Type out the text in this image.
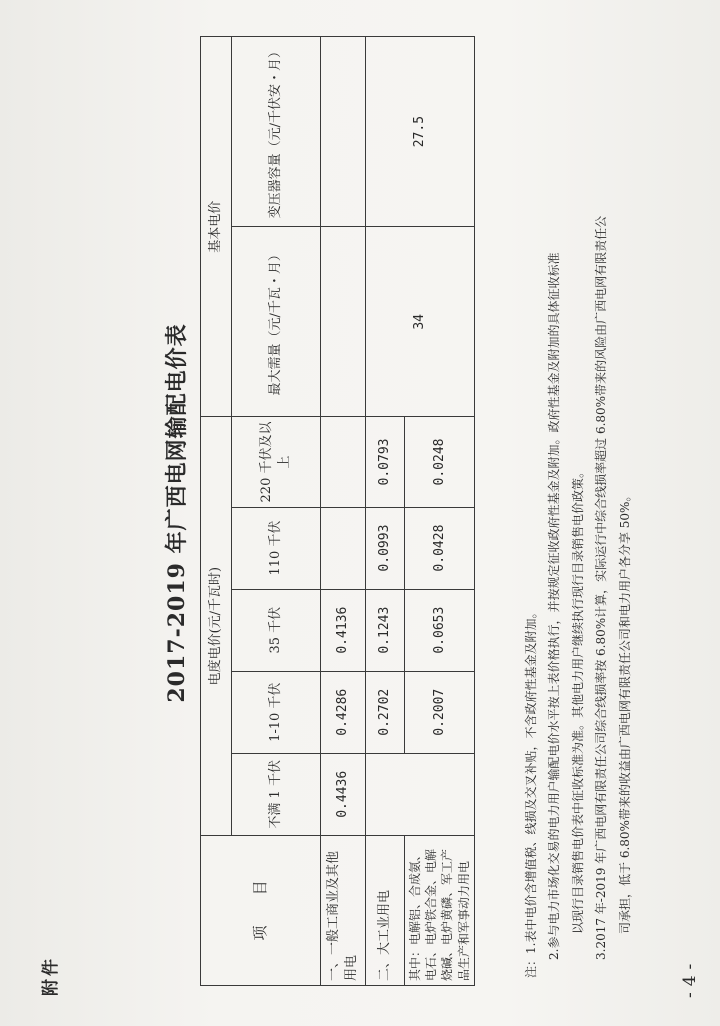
附件
2017-2019 年广西电网输配电价表
项　　目	电度电价(元/千瓦时)					基本电价	
	不满 1 千伏	1-10 千伏	35 千伏	110 千伏	220 千伏及以上	最大需量（元/千瓦・月）	变压器容量（元/千伏安・月）
一、一般工商业及其他用电	0.4436	0.4286	0.4136				
二、大工业用电		0.2702	0.1243	0.0993	0.0793	34	27.5
其中：电解铝、合成氨、电石、电炉铁合金、电解烧碱、电炉黄磷、军工产品生产和军事动力用电		0.2007	0.0653	0.0428	0.0248		

注：1.表中电价含增值税、线损及交叉补贴，不含政府性基金及附加。 2.参与电力市场化交易的电力用户输配电价水平按上表价格执行，并按规定征收政府性基金及附加。政府性基金及附加的具体征收标准 以现行目录销售电价表中征收标准为准。其他电力用户继续执行现行目录销售电价政策。 3.2017 年-2019 年广西电网有限责任公司综合线损率按 6.80%计算，实际运行中综合线损率超过 6.80%带来的风险由广西电网有限责任公 司承担，低于 6.80%带来的收益由广西电网有限责任公司和电力用户各分享 50%。

-4-
